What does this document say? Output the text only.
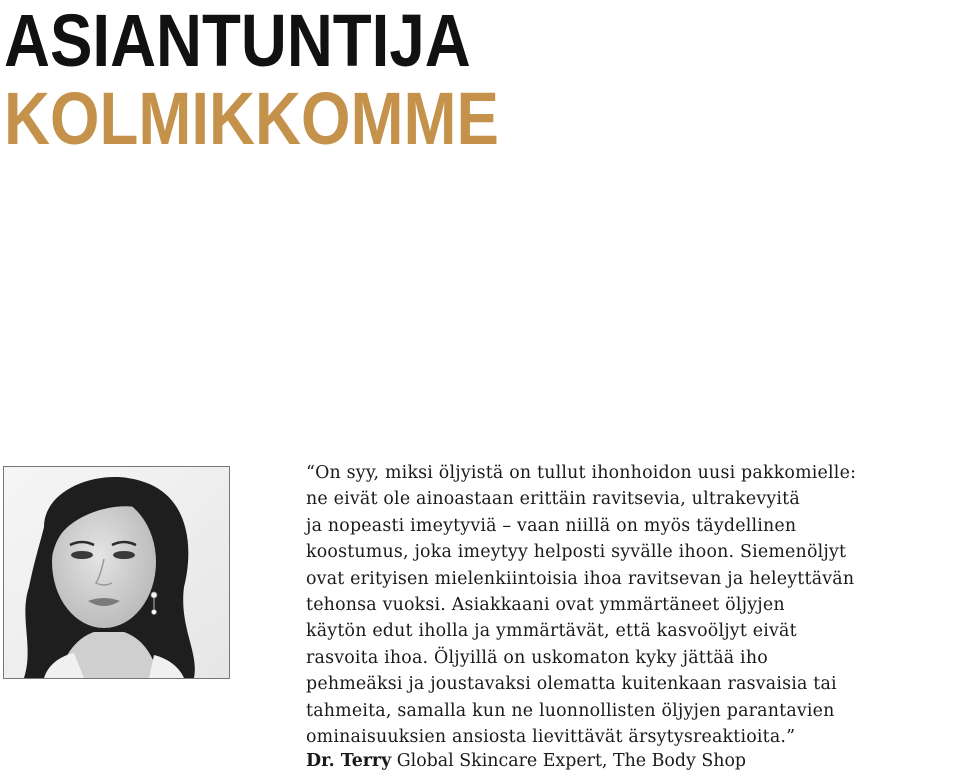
ASIANTUNTIJA
KOLMIKKOMME
“On syy, miksi öljyistä on tullut ihonhoidon uusi pakkomielle:
ne eivät ole ainoastaan erittäin ravitsevia, ultrakevyitä
ja nopeasti imeytyviä – vaan niillä on myös täydellinen
koostumus, joka imeytyy helposti syvälle ihoon. Siemenöljyt
ovat erityisen mielenkiintoisia ihoa ravitsevan ja heleyttävän
tehonsa vuoksi. Asiakkaani ovat ymmärtäneet öljyjen
käytön edut iholla ja ymmärtävät, että kasvoöljyt eivät
rasvoita ihoa. Öljyillä on uskomaton kyky jättää iho
pehmeäksi ja joustavaksi olematta kuitenkaan rasvaisia tai
tahmeita, samalla kun ne luonnollisten öljyjen parantavien
ominaisuuksien ansiosta lievittävät ärsytysreaktioita.”
Dr. Terry Global Skincare Expert, The Body Shop
